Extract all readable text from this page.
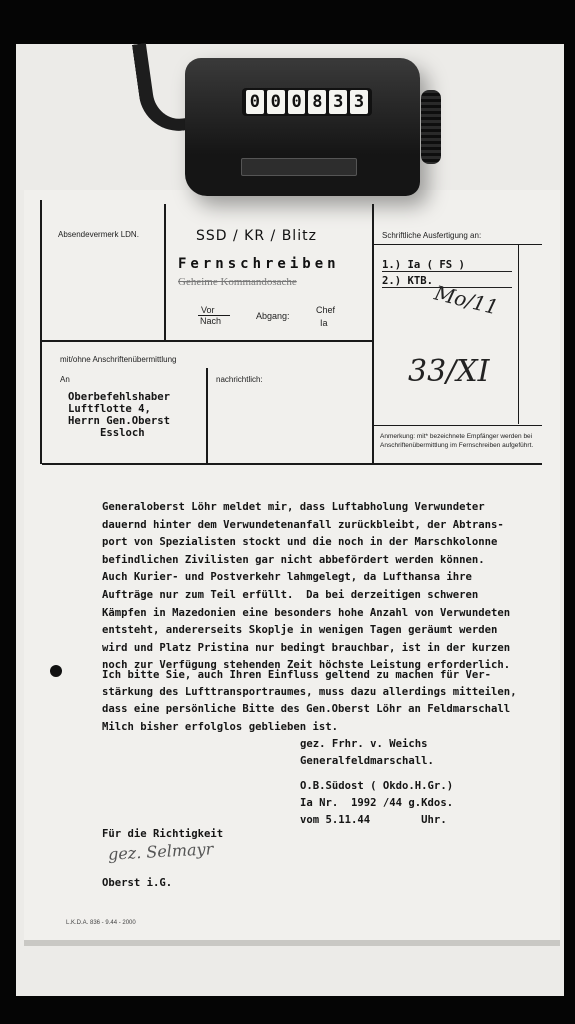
0 0 0 8 3 3
Absendevermerk LDN.	SSD / KR / Blitz
Fernschreiben
Geheime Kommandosache
Vor
Nach	Abgang:
Chef
Ia
Schriftliche Ausfertigung an:
1.) Ia ( FS )
2.) KTB. Mo/11
33/XI
mit/ohne Anschriftenübermittlung
An	nachrichtlich:
Oberbefehlshaber
Luftflotte 4,
Herrn Gen.Oberst
Essloch	Anmerkung: mit* bezeichnete Empfänger werden bei Anschriftenübermittlung im Fernschreiben aufgeführt.
Generaloberst Löhr meldet mir, dass Luftabholung Verwundeter
dauernd hinter dem Verwundetenanfall zurückbleibt, der Abtrans-
port von Spezialisten stockt und die noch in der Marschkolonne
befindlichen Zivilisten gar nicht abbefördert werden können.
Auch Kurier- und Postverkehr lahmgelegt, da Lufthansa ihre
Aufträge nur zum Teil erfüllt.  Da bei derzeitigen schweren
Kämpfen in Mazedonien eine besonders hohe Anzahl von Verwundeten
entsteht, andererseits Skoplje in wenigen Tagen geräumt werden
wird und Platz Pristina nur bedingt brauchbar, ist in der kurzen
noch zur Verfügung stehenden Zeit höchste Leistung erforderlich.
Ich bitte Sie, auch Ihren Einfluss geltend zu machen für Ver-
stärkung des Lufttransportraumes, muss dazu allerdings mitteilen,
dass eine persönliche Bitte des Gen.Oberst Löhr an Feldmarschall
Milch bisher erfolglos geblieben ist.
gez. Frhr. v. Weichs
Generalfeldmarschall.
O.B.Südost ( Okdo.H.Gr.)
Ia Nr.  1992 /44 g.Kdos.
vom 5.11.44        Uhr.
Für die Richtigkeit
gez. Selmayr
Oberst i.G.
L.K.D.A. 836 - 9.44 - 2000
